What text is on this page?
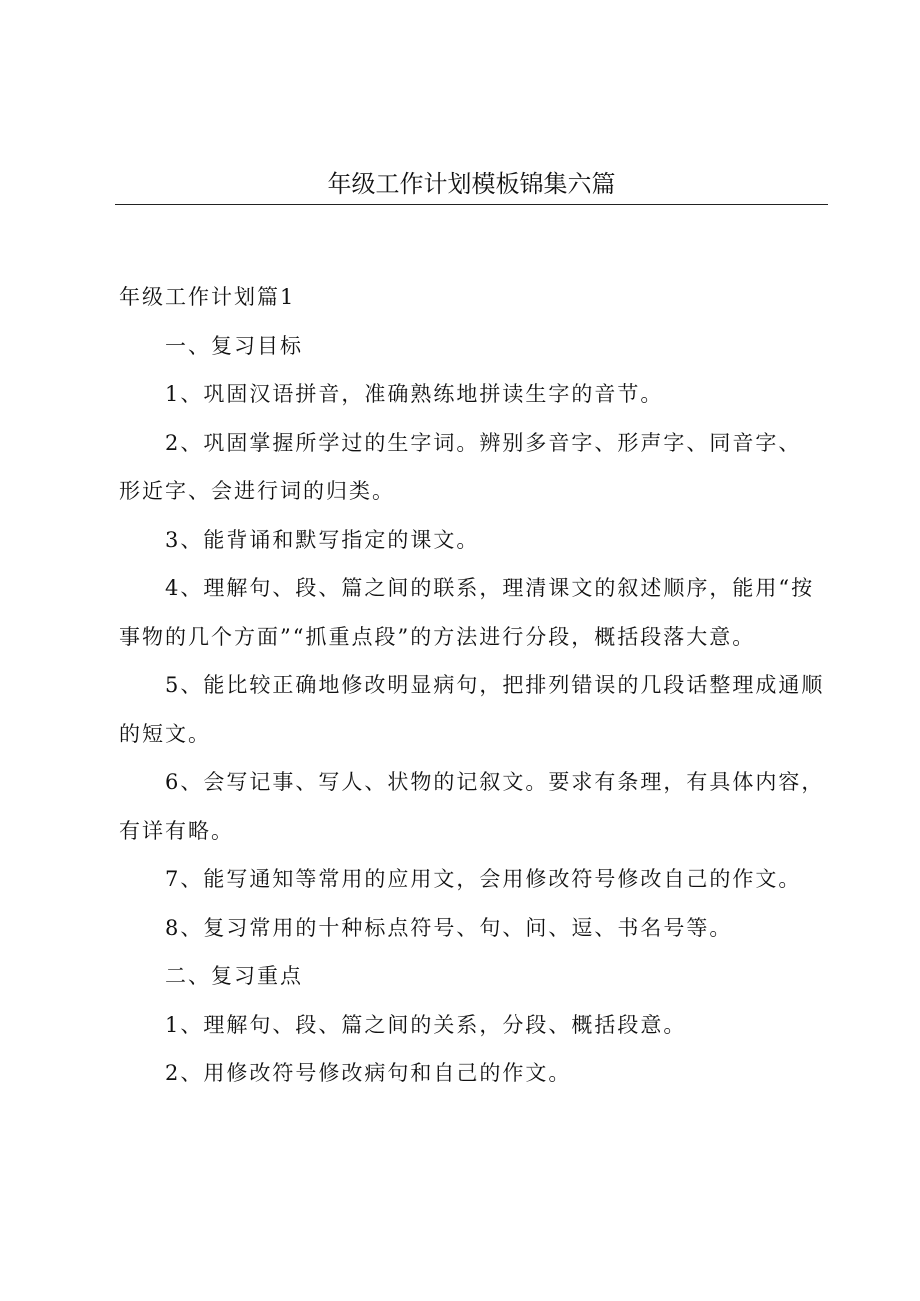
年级工作计划模板锦集六篇

年级工作计划篇1

一、复习目标

1、巩固汉语拼音，准确熟练地拼读生字的音节。

2、巩固掌握所学过的生字词。辨别多音字、形声字、同音字、

形近字、会进行词的归类。

3、能背诵和默写指定的课文。

4、理解句、段、篇之间的联系，理清课文的叙述顺序，能用“按

事物的几个方面”“抓重点段”的方法进行分段，概括段落大意。

5、能比较正确地修改明显病句，把排列错误的几段话整理成通顺

的短文。

6、会写记事、写人、状物的记叙文。要求有条理，有具体内容，

有详有略。

7、能写通知等常用的应用文，会用修改符号修改自己的作文。

8、复习常用的十种标点符号、句、问、逗、书名号等。

二、复习重点

1、理解句、段、篇之间的关系，分段、概括段意。

2、用修改符号修改病句和自己的作文。
